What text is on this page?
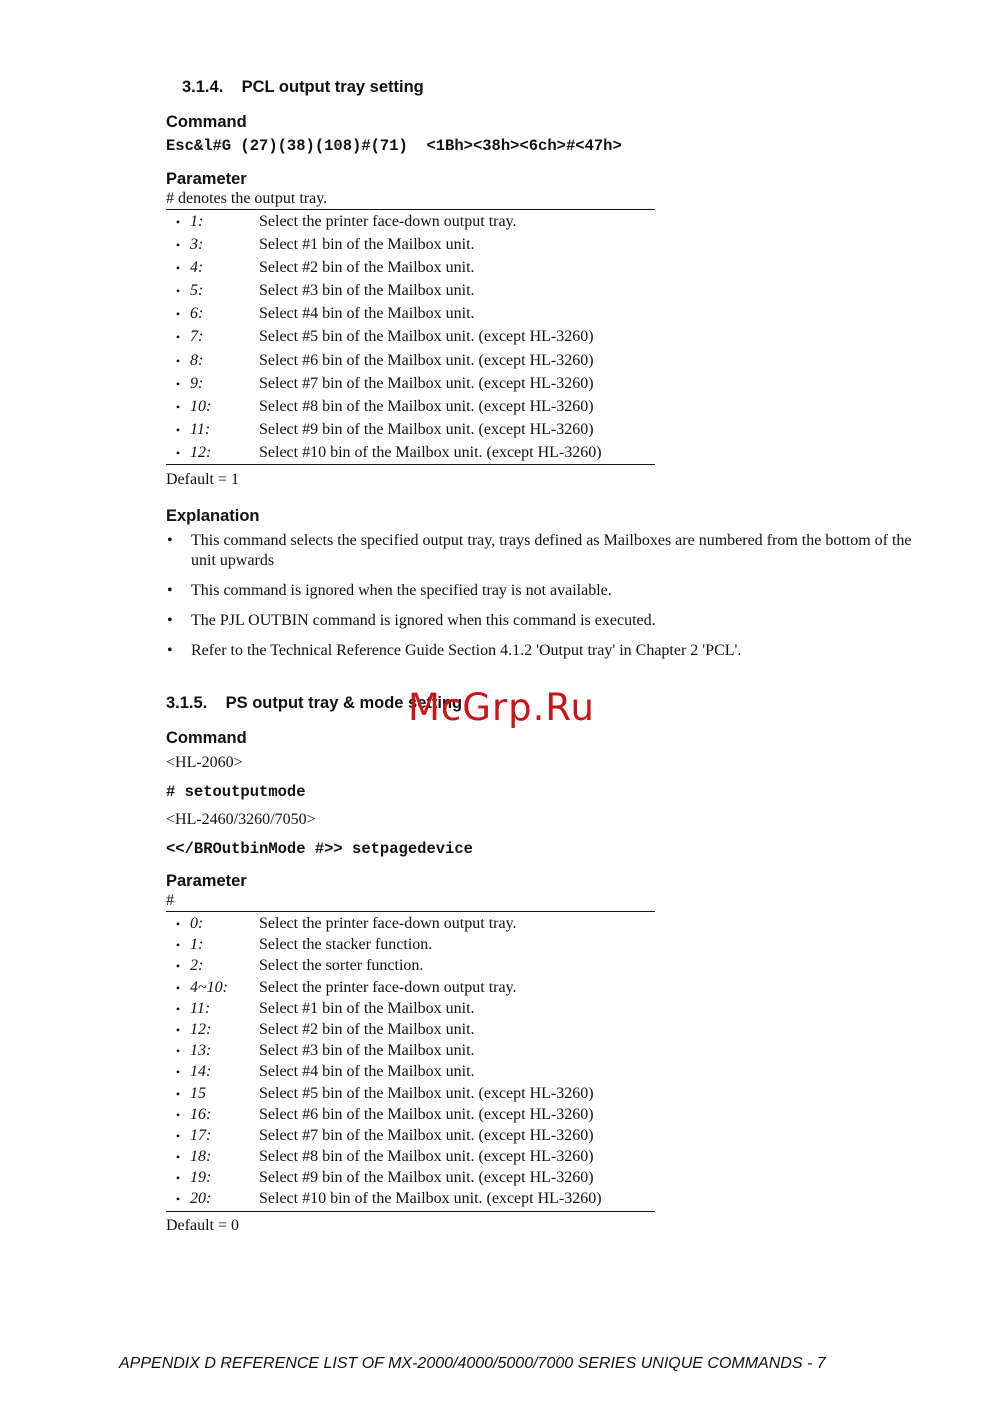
3.1.4.    PCL output tray setting
Command
Esc&l#G (27)(38)(108)#(71)  <1Bh><38h><6ch>#<47h>
Parameter
# denotes the output tray.
•	1:	Select the printer face-down output tray.
•	3:	Select #1 bin of the Mailbox unit.
•	4:	Select #2 bin of the Mailbox unit.
•	5:	Select #3 bin of the Mailbox unit.
•	6:	Select #4 bin of the Mailbox unit.
•	7:	Select #5 bin of the Mailbox unit. (except HL-3260)
•	8:	Select #6 bin of the Mailbox unit. (except HL-3260)
•	9:	Select #7 bin of the Mailbox unit. (except HL-3260)
•	10:	Select #8 bin of the Mailbox unit. (except HL-3260)
•	11:	Select #9 bin of the Mailbox unit. (except HL-3260)
•	12:	Select #10 bin of the Mailbox unit. (except HL-3260)
Default = 1
Explanation
• This command selects the specified output tray, trays defined as Mailboxes are numbered from the bottom of the unit upwards
• This command is ignored when the specified tray is not available.
• The PJL OUTBIN command is ignored when this command is executed.
• Refer to the Technical Reference Guide Section 4.1.2 'Output tray' in Chapter 2 'PCL'.
3.1.5.    PS output tray & mode setting
McGrp.Ru
Command
<HL-2060>
# setoutputmode
<HL-2460/3260/7050>
<</BROutbinMode #>> setpagedevice
Parameter
#
•	0:	Select the printer face-down output tray.
•	1:	Select the stacker function.
•	2:	Select the sorter function.
•	4~10:	Select the printer face-down output tray.
•	11:	Select #1 bin of the Mailbox unit.
•	12:	Select #2 bin of the Mailbox unit.
•	13:	Select #3 bin of the Mailbox unit.
•	14:	Select #4 bin of the Mailbox unit.
•	15	Select #5 bin of the Mailbox unit. (except HL-3260)
•	16:	Select #6 bin of the Mailbox unit. (except HL-3260)
•	17:	Select #7 bin of the Mailbox unit. (except HL-3260)
•	18:	Select #8 bin of the Mailbox unit. (except HL-3260)
•	19:	Select #9 bin of the Mailbox unit. (except HL-3260)
•	20:	Select #10 bin of the Mailbox unit. (except HL-3260)
Default = 0
APPENDIX D REFERENCE LIST OF MX-2000/4000/5000/7000 SERIES UNIQUE COMMANDS - 7
